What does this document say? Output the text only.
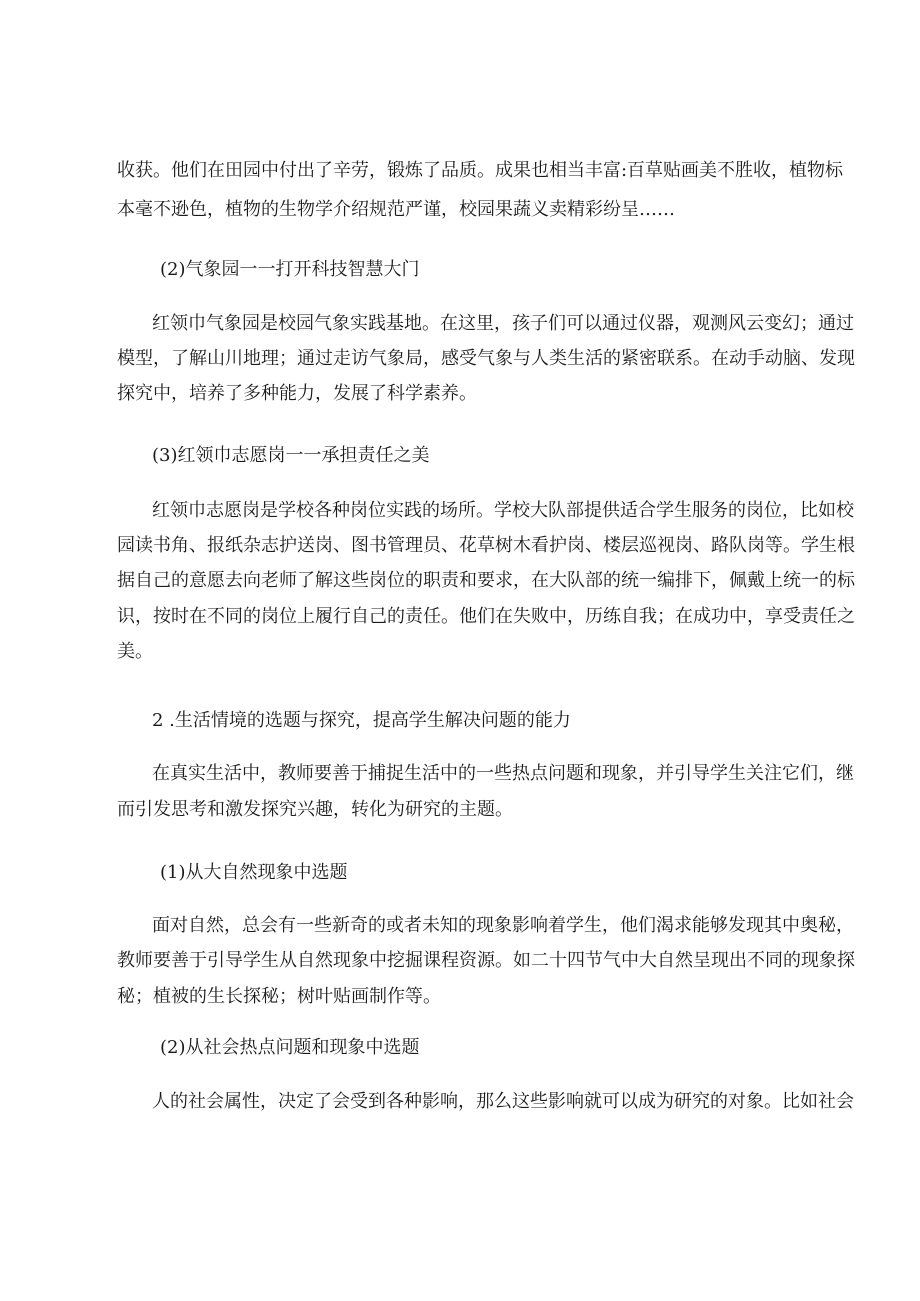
收获。他们在田园中付出了辛劳，锻炼了品质。成果也相当丰富:百草贴画美不胜收，植物标
本毫不逊色，植物的生物学介绍规范严谨，校园果蔬义卖精彩纷呈……
(2)气象园一一打开科技智慧大门
红领巾气象园是校园气象实践基地。在这里，孩子们可以通过仪器，观测风云变幻；通过
模型，了解山川地理；通过走访气象局，感受气象与人类生活的紧密联系。在动手动脑、发现
探究中，培养了多种能力，发展了科学素养。
(3)红领巾志愿岗一一承担责任之美
红领巾志愿岗是学校各种岗位实践的场所。学校大队部提供适合学生服务的岗位，比如校
园读书角、报纸杂志护送岗、图书管理员、花草树木看护岗、楼层巡视岗、路队岗等。学生根
据自己的意愿去向老师了解这些岗位的职责和要求，在大队部的统一编排下，佩戴上统一的标
识，按时在不同的岗位上履行自己的责任。他们在失败中，历练自我；在成功中，享受责任之
美。
2 .生活情境的选题与探究，提高学生解决问题的能力
在真实生活中，教师要善于捕捉生活中的一些热点问题和现象，并引导学生关注它们，继
而引发思考和激发探究兴趣，转化为研究的主题。
(1)从大自然现象中选题
面对自然，总会有一些新奇的或者未知的现象影响着学生，他们渴求能够发现其中奥秘，
教师要善于引导学生从自然现象中挖掘课程资源。如二十四节气中大自然呈现出不同的现象探
秘；植被的生长探秘；树叶贴画制作等。
(2)从社会热点问题和现象中选题
人的社会属性，决定了会受到各种影响，那么这些影响就可以成为研究的对象。比如社会
